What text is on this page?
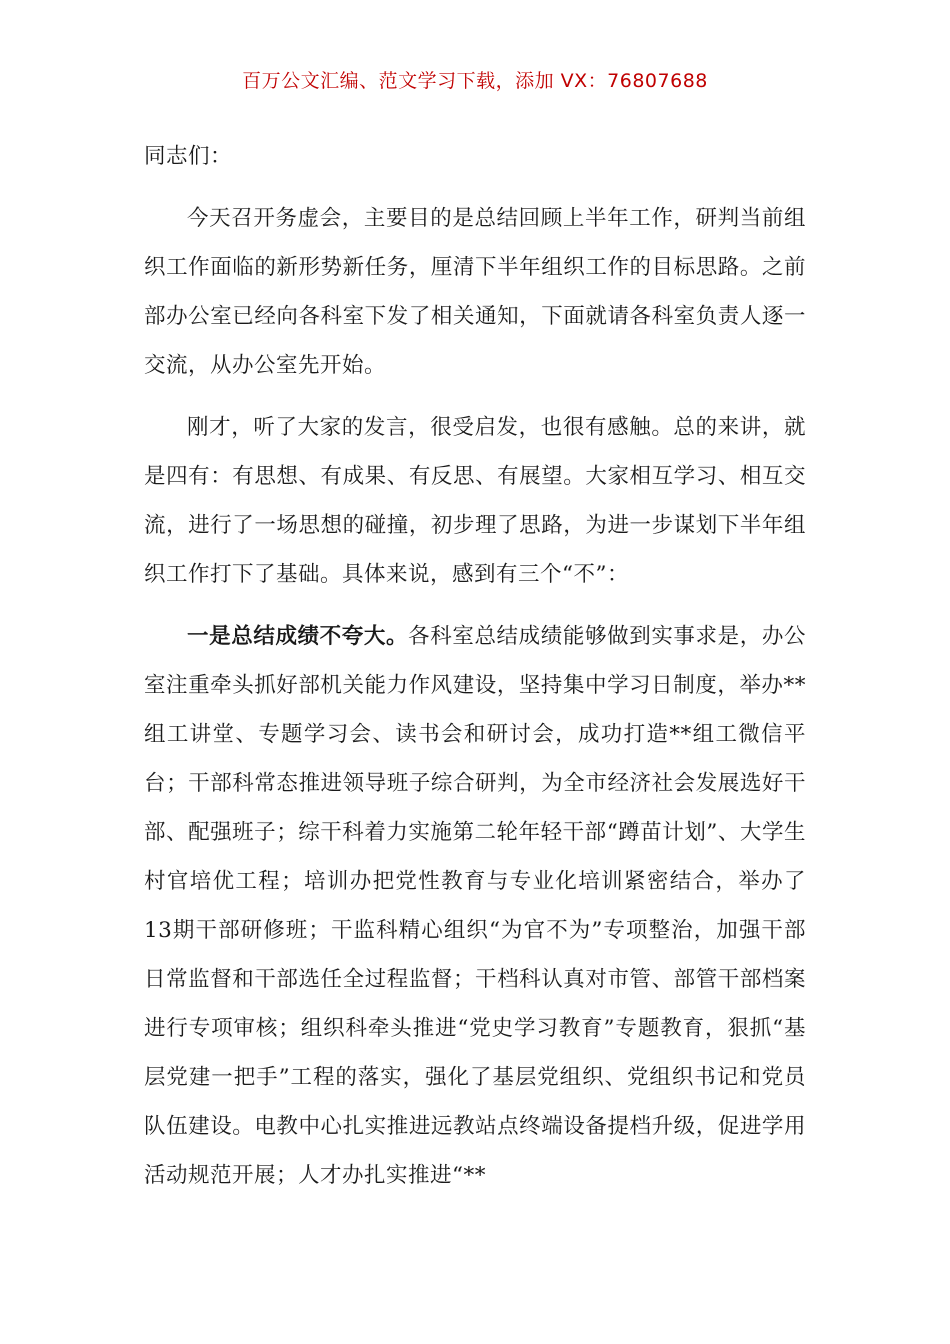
百万公文汇编、范文学习下载，添加 VX：76807688
同志们：

今天召开务虚会，主要目的是总结回顾上半年工作，研判当前组织工作面临的新形势新任务，厘清下半年组织工作的目标思路。之前部办公室已经向各科室下发了相关通知，下面就请各科室负责人逐一交流，从办公室先开始。

刚才，听了大家的发言，很受启发，也很有感触。总的来讲，就是四有：有思想、有成果、有反思、有展望。大家相互学习、相互交流，进行了一场思想的碰撞，初步理了思路，为进一步谋划下半年组织工作打下了基础。具体来说，感到有三个“不”：

一是总结成绩不夸大。各科室总结成绩能够做到实事求是，办公室注重牵头抓好部机关能力作风建设，坚持集中学习日制度，举办**组工讲堂、专题学习会、读书会和研讨会，成功打造**组工微信平台；干部科常态推进领导班子综合研判，为全市经济社会发展选好干部、配强班子；综干科着力实施第二轮年轻干部“蹲苗计划”、大学生村官培优工程；培训办把党性教育与专业化培训紧密结合，举办了13期干部研修班；干监科精心组织“为官不为”专项整治，加强干部日常监督和干部选任全过程监督；干档科认真对市管、部管干部档案进行专项审核；组织科牵头推进“党史学习教育”专题教育，狠抓“基层党建一把手”工程的落实，强化了基层党组织、党组织书记和党员队伍建设。电教中心扎实推进远教站点终端设备提档升级，促进学用活动规范开展；人才办扎实推进“**
